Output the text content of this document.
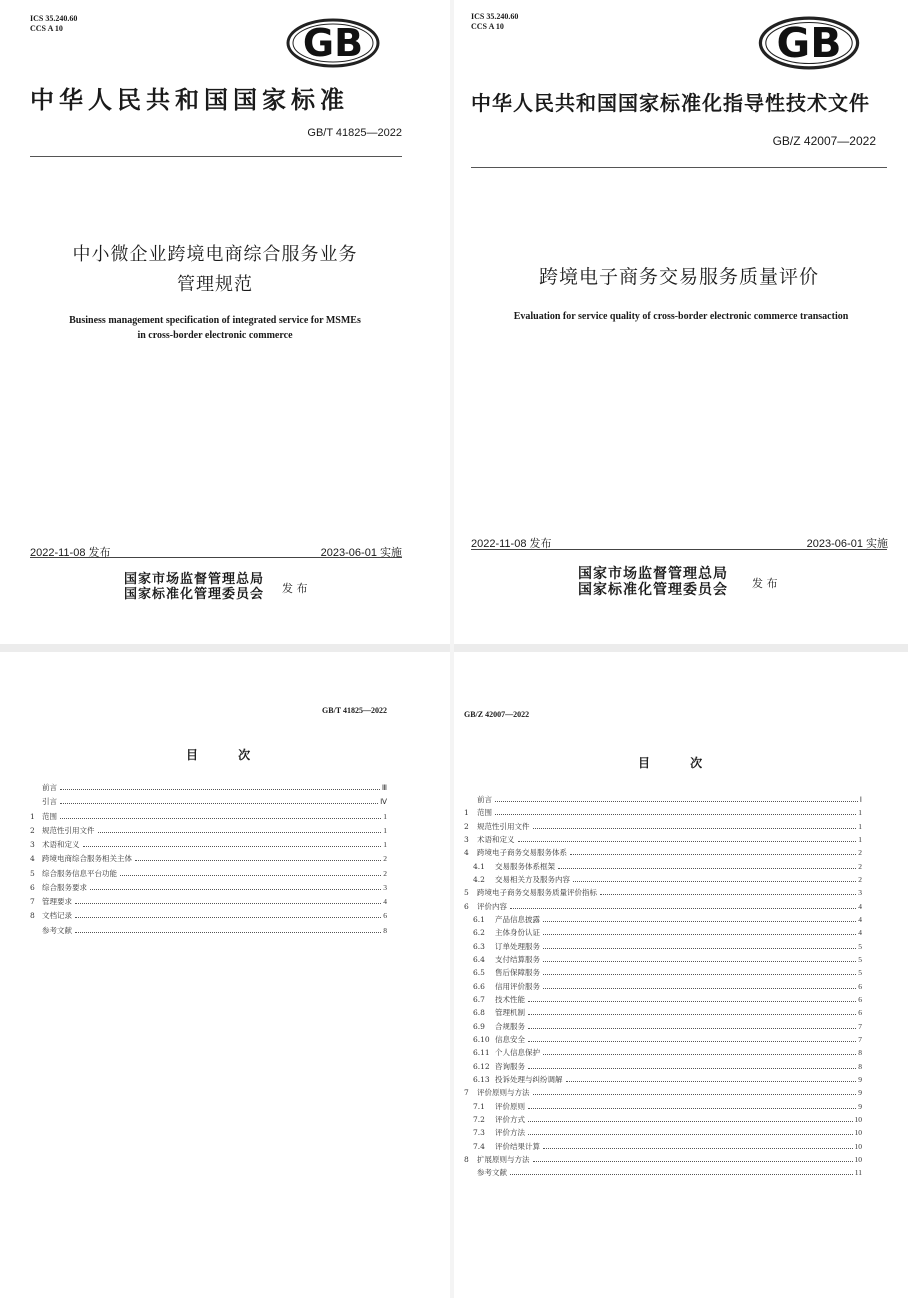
ICS 35.240.60
CCS A 10	GB
中华人民共和国国家标准
GB/T 41825—2022
中小微企业跨境电商综合服务业务
管理规范
Business management specification of integrated service for MSMEs
in cross-border electronic commerce
2022-11-08 发布	2023-06-01 实施
国家市场监督管理总局
国家标准化管理委员会 发 布
ICS 35.240.60
CCS A 10	GB
中华人民共和国国家标准化指导性技术文件
GB/Z 42007—2022
跨境电子商务交易服务质量评价
Evaluation for service quality of cross-border electronic commerce transaction
2022-11-08 发布	2023-06-01 实施
国家市场监督管理总局
国家标准化管理委员会 发 布
GB/T 41825—2022
目 次
前言	Ⅲ
引言	Ⅳ
1 范围	1
2 规范性引用文件	1
3 术语和定义	1
4 跨境电商综合服务相关主体	2
5 综合服务信息平台功能	2
6 综合服务要求	3
7 管理要求	4
8 文档记录	6
参考文献	8
GB/Z 42007—2022
目 次
前言	Ⅰ
1	范围	1
2	规范性引用文件	1
3	术语和定义	1
4	跨境电子商务交易服务体系	2
4.1	交易服务体系框架	2
4.2	交易相关方及服务内容	2
5	跨境电子商务交易服务质量评价指标	3
6	评价内容	4
6.1	产品信息披露	4
6.2	主体身份认证	4
6.3	订单处理服务	5
6.4	支付结算服务	5
6.5	售后保障服务	5
6.6	信用评价服务	6
6.7	技术性能	6
6.8	管理机制	6
6.9	合规服务	7
6.10 信息安全	7
6.11 个人信息保护	8
6.12 咨询服务	8
6.13 投诉处理与纠纷调解	9
7	评价原则与方法	9
7.1	评价原则	9
7.2	评价方式	10
7.3	评价方法	10
7.4	评价结果计算	10
8	扩展原则与方法	10
参考文献	11
